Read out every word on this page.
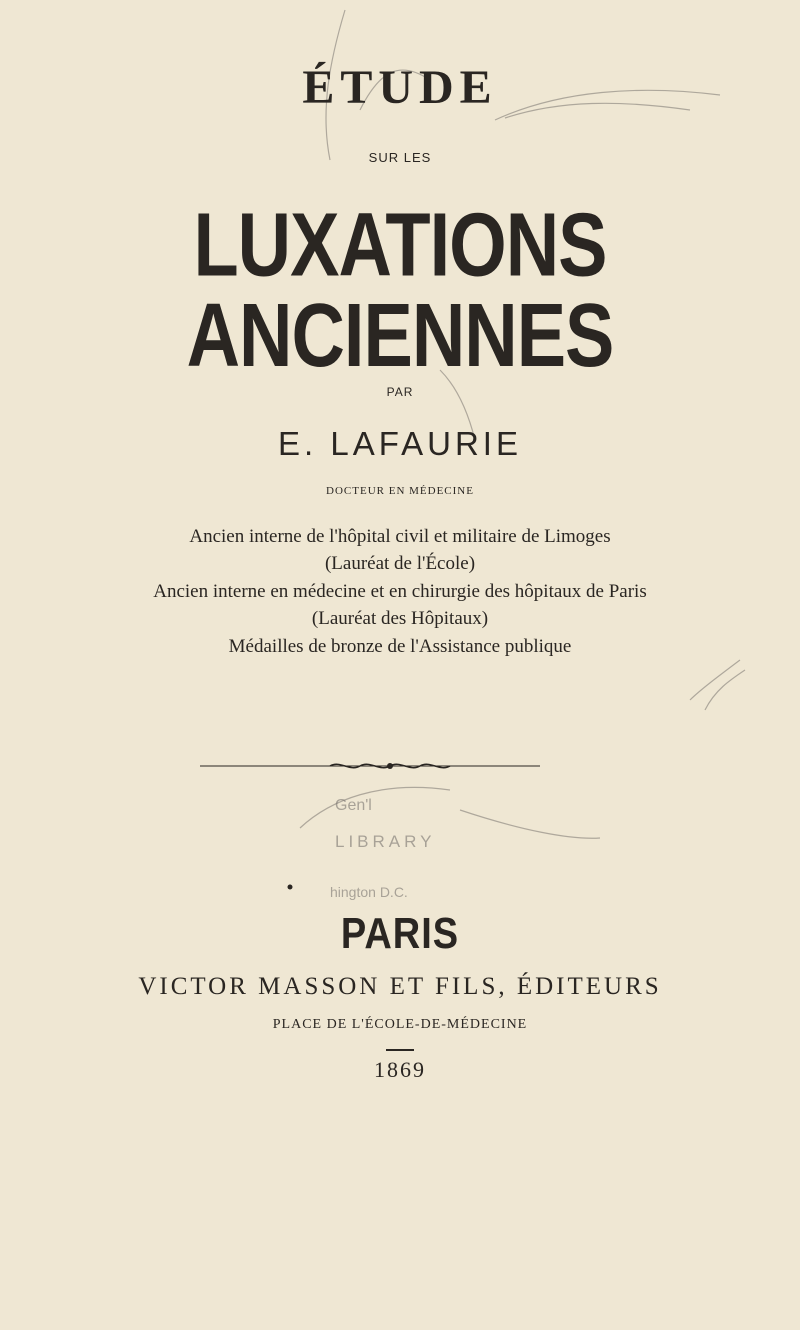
Gen'l
LIBRARY
hington D.C.
ÉTUDE
SUR LES
LUXATIONS ANCIENNES
PAR
E. LAFAURIE
DOCTEUR EN MÉDECINE
Ancien interne de l'hôpital civil et militaire de Limoges
(Lauréat de l'École)
Ancien interne en médecine et en chirurgie des hôpitaux de Paris
(Lauréat des Hôpitaux)
Médailles de bronze de l'Assistance publique
PARIS
VICTOR MASSON ET FILS, ÉDITEURS
PLACE DE L'ÉCOLE-DE-MÉDECINE
1869
